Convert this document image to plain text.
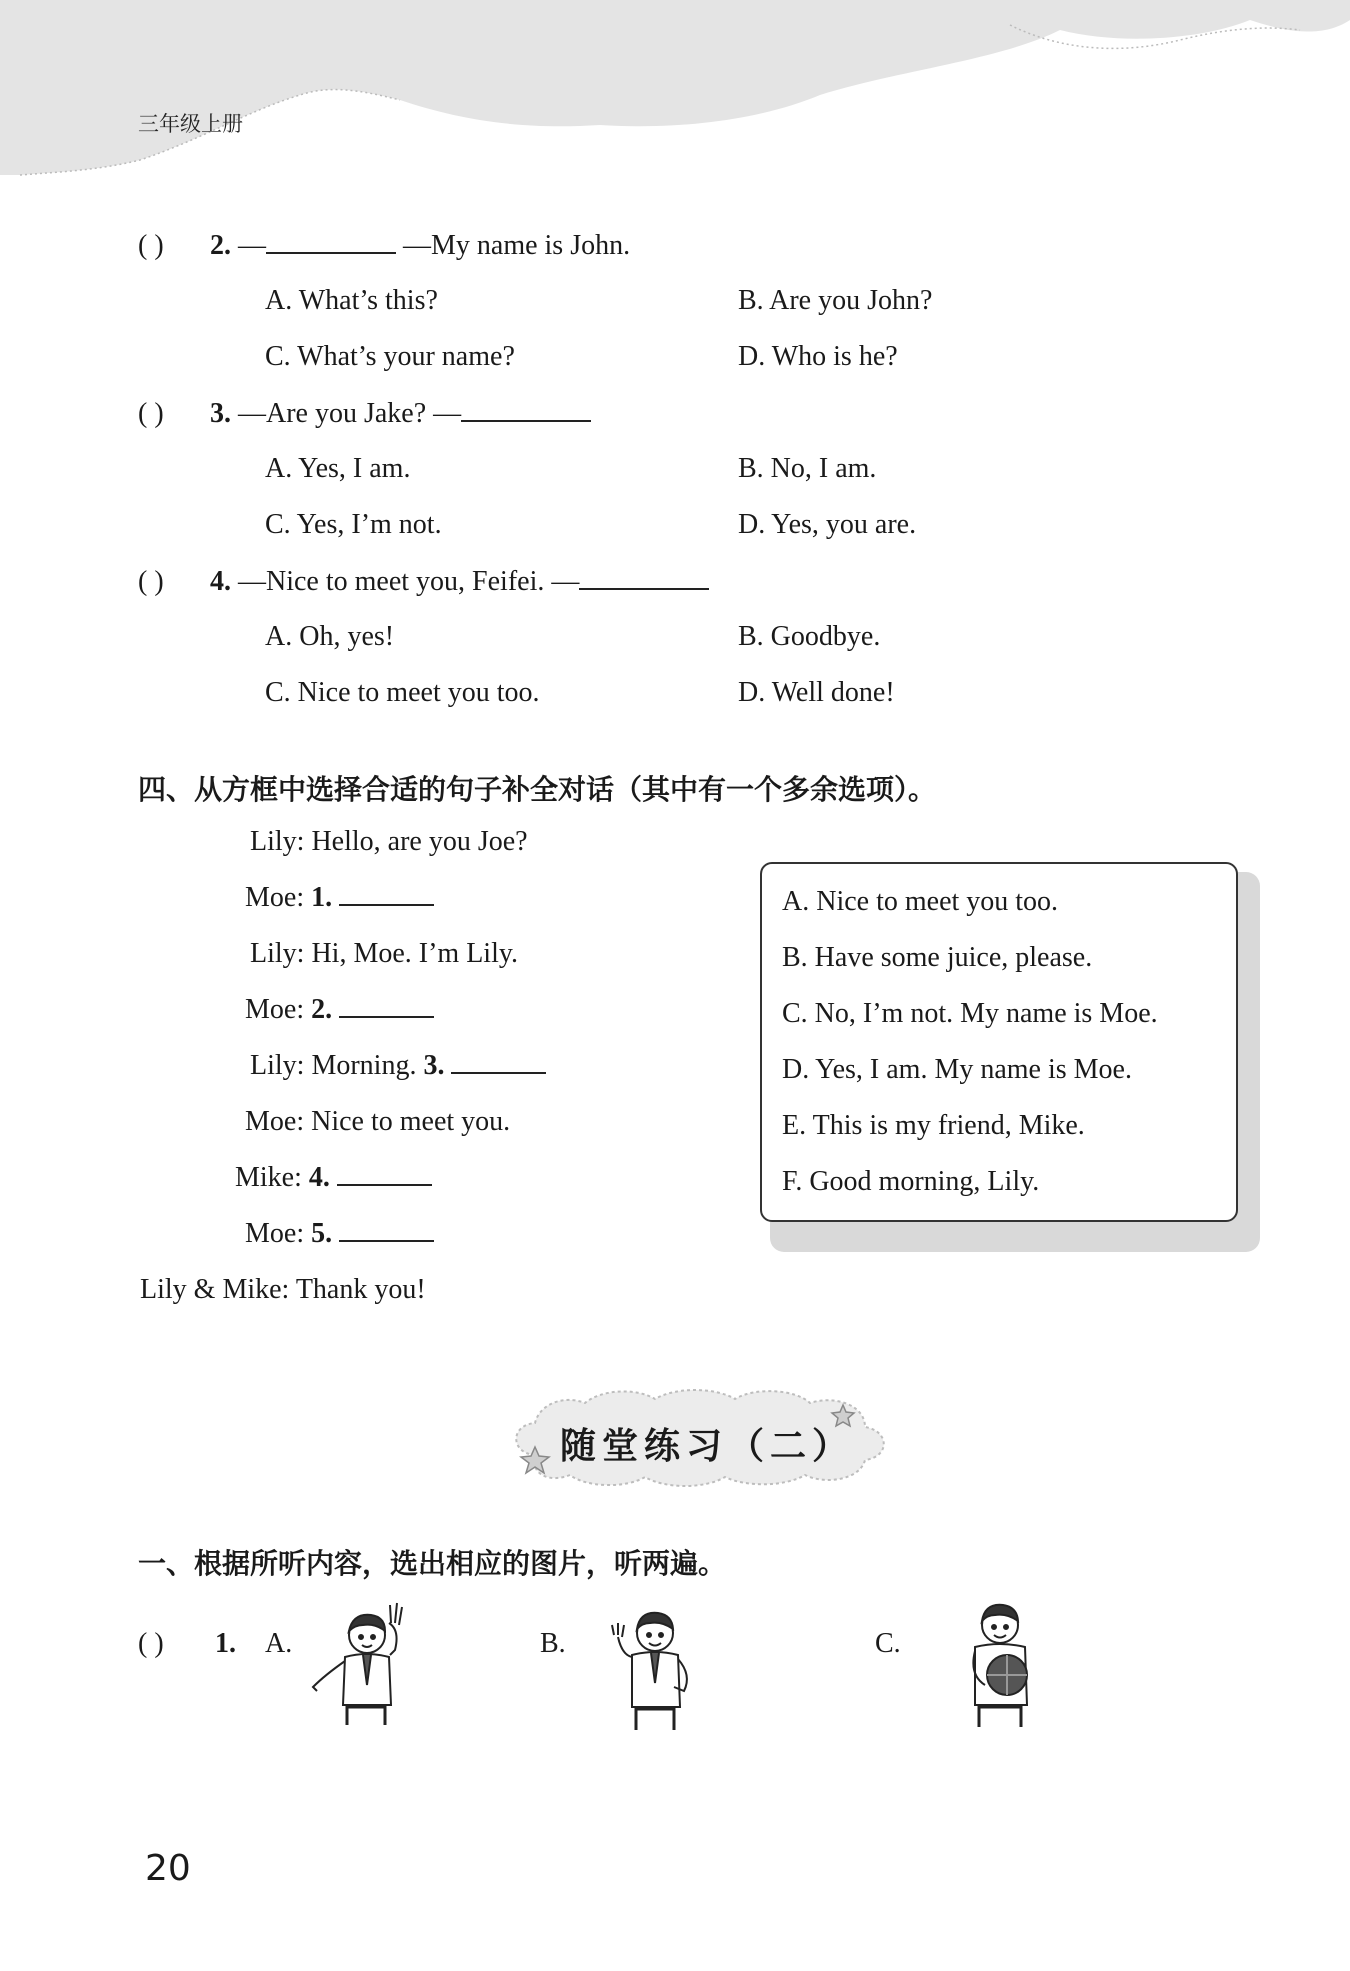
三年级上册
( ) 2. —	—My name is John.
A. What’s this?	B. Are you John?
C. What’s your name?	D. Who is he?
( ) 3. —Are you Jake? —
A. Yes, I am.	B. No, I am.
C. Yes, I’m not.	D. Yes, you are.
( ) 4. —Nice to meet you, Feifei. —
A. Oh, yes!	B. Goodbye.
C. Nice to meet you too.	D. Well done!
四、从方框中选择合适的句子补全对话（其中有一个多余选项）。
Lily: Hello, are you Joe?
Moe: 1.
Lily: Hi, Moe. I’m Lily.
Moe: 2.
Lily: Morning. 3.
Moe: Nice to meet you.
Mike: 4.
Moe: 5.
Lily & Mike: Thank you!
A. Nice to meet you too.
B. Have some juice, please.
C. No, I’m not. My name is Moe.
D. Yes, I am. My name is Moe.
E. This is my friend, Mike.
F. Good morning, Lily.
随堂练习（二）
一、根据所听内容，选出相应的图片，听两遍。
( ) 1. A.	B.	C.
20
